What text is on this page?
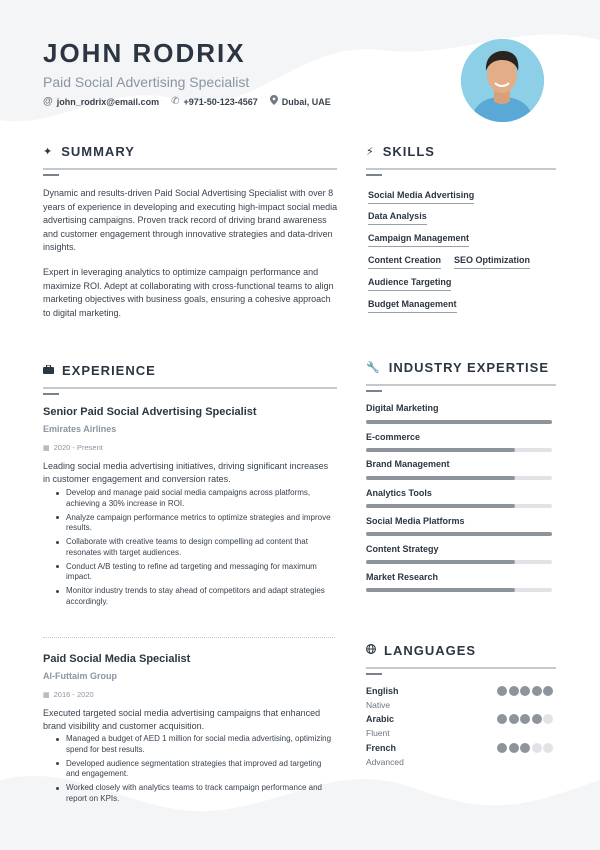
JOHN RODRIX
Paid Social Advertising Specialist
@ john_rodrix@email.com ✆ +971-50-123-4567	Dubai, UAE
✦ SUMMARY
Dynamic and results-driven Paid Social Advertising Specialist with over 8 years of experience in developing and executing high-impact social media advertising campaigns. Proven track record of driving brand awareness and customer engagement through innovative strategies and data-driven insights.
Expert in leveraging analytics to optimize campaign performance and maximize ROI. Adept at collaborating with cross-functional teams to align marketing objectives with business goals, ensuring a cohesive approach to digital marketing.
⚡ SKILLS
Social Media Advertising
Data Analysis
Campaign Management
Content Creation SEO Optimization
Audience Targeting
Budget Management
EXPERIENCE
Senior Paid Social Advertising Specialist
Emirates Airlines
▦ 2020 - Present
Leading social media advertising initiatives, driving significant increases in customer engagement and conversion rates.
Develop and manage paid social media campaigns across platforms, achieving a 30% increase in ROI.
Analyze campaign performance metrics to optimize strategies and improve results.
Collaborate with creative teams to design compelling ad content that resonates with target audiences.
Conduct A/B testing to refine ad targeting and messaging for maximum impact.
Monitor industry trends to stay ahead of competitors and adapt strategies accordingly.
Paid Social Media Specialist
Al-Futtaim Group
▦ 2016 - 2020
Executed targeted social media advertising campaigns that enhanced brand visibility and customer acquisition.
Managed a budget of AED 1 million for social media advertising, optimizing spend for best results.
Developed audience segmentation strategies that improved ad targeting and engagement.
Worked closely with analytics teams to track campaign performance and report on KPIs.
🔧 INDUSTRY EXPERTISE
Digital Marketing
E-commerce
Brand Management
Analytics Tools
Social Media Platforms
Content Strategy
Market Research
LANGUAGES
English
Native
Arabic
Fluent
French
Advanced
